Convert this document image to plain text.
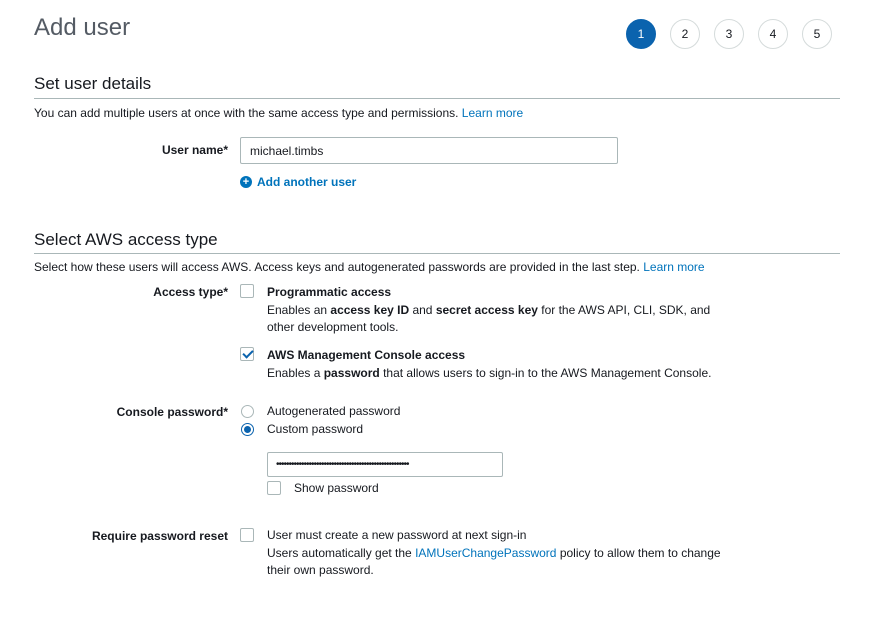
Add user	1	2	3	4	5
Set user details
You can add multiple users at once with the same access type and permissions. Learn more
User name*
michael.timbs
+ Add another user
Select AWS access type
Select how these users will access AWS. Access keys and autogenerated passwords are provided in the last step. Learn more
Access type*	Programmatic access
Enables an access key ID and secret access key for the AWS API, CLI, SDK, and
other development tools.
AWS Management Console access
Enables a password that allows users to sign-in to the AWS Management Console.
Console password*	Autogenerated password
Custom password
•••••••••••••••••••••••••••••••••••••••••••••••••••••
Show password
Require password reset	User must create a new password at next sign-in
Users automatically get the IAMUserChangePassword policy to allow them to change
their own password.
